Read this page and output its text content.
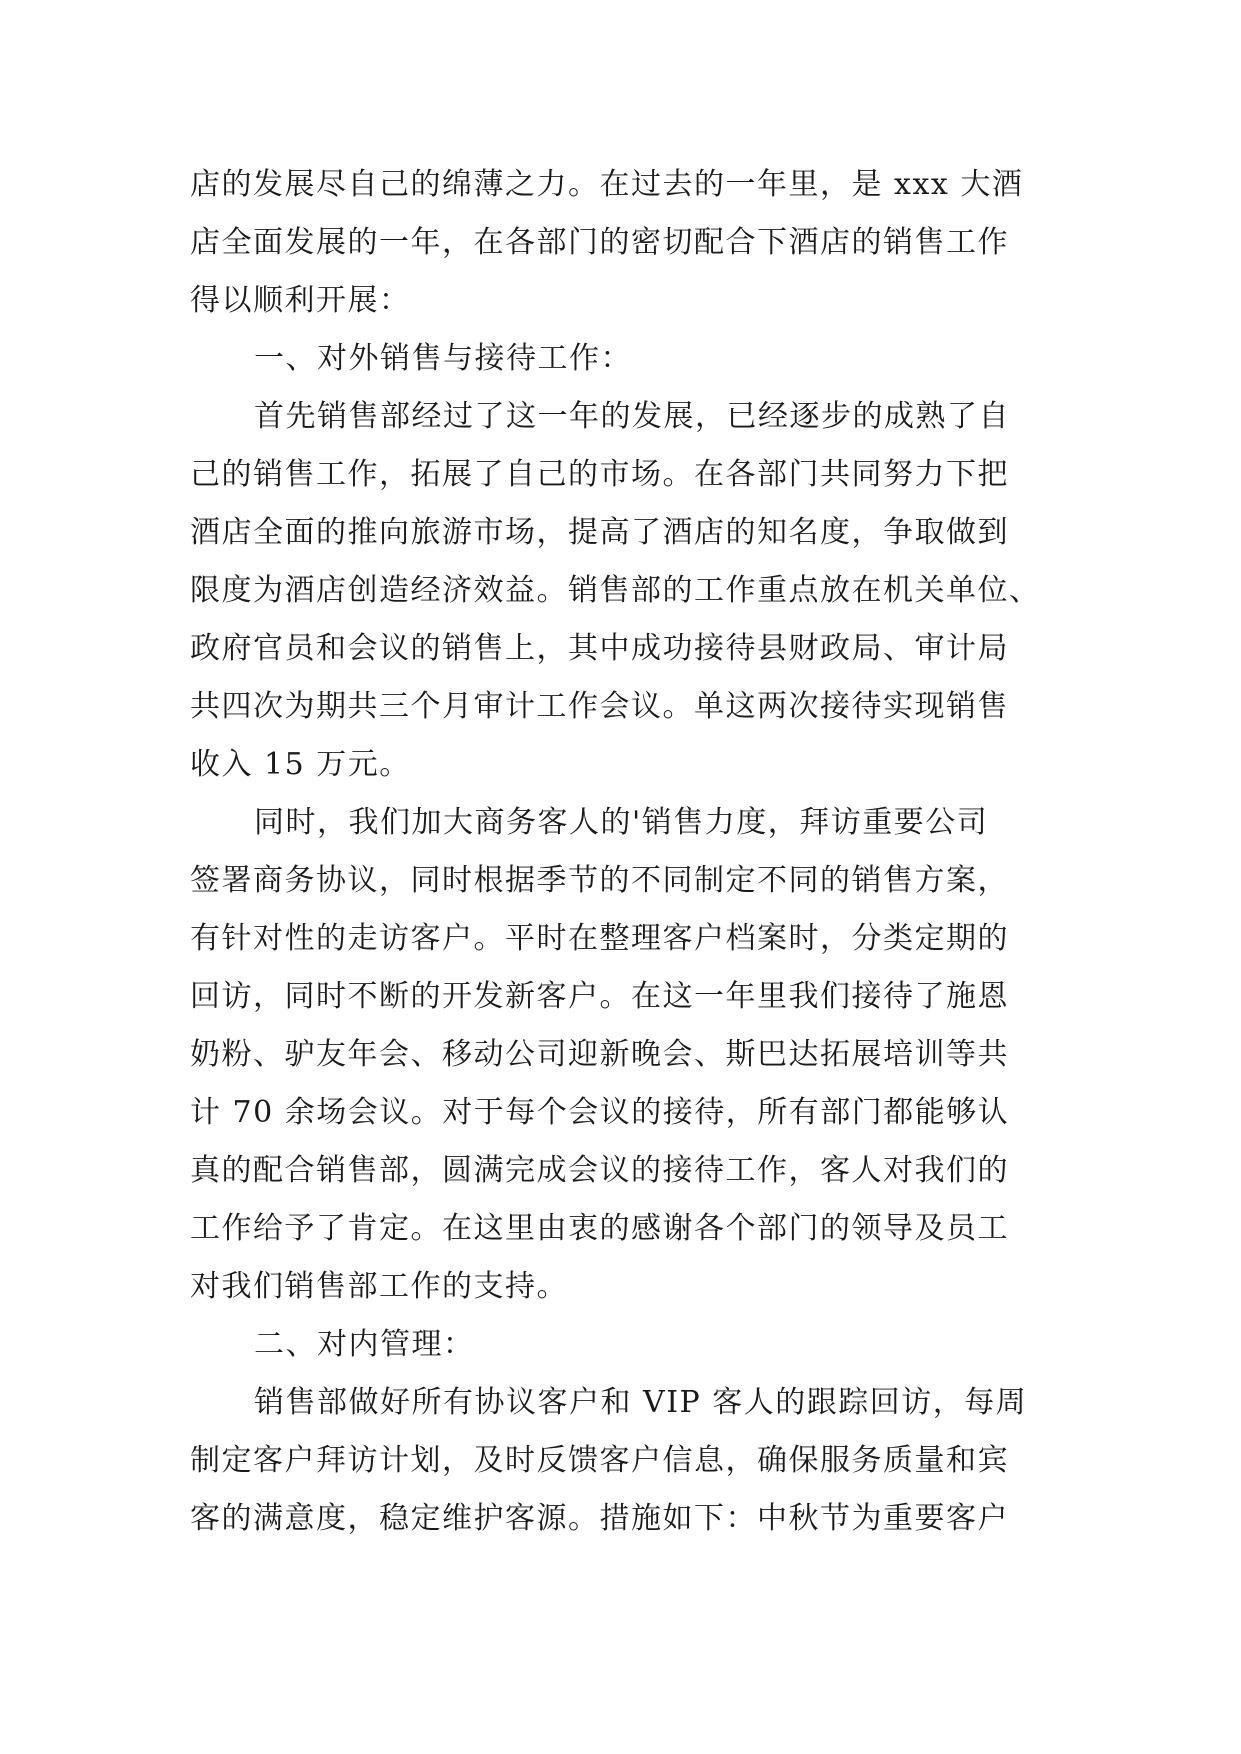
店的发展尽自己的绵薄之力。在过去的一年里，是 xxx 大酒
店全面发展的一年，在各部门的密切配合下酒店的销售工作
得以顺利开展：
一、对外销售与接待工作：
首先销售部经过了这一年的发展，已经逐步的成熟了自
己的销售工作，拓展了自己的市场。在各部门共同努力下把
酒店全面的推向旅游市场，提高了酒店的知名度，争取做到
限度为酒店创造经济效益。销售部的工作重点放在机关单位、
政府官员和会议的销售上，其中成功接待县财政局、审计局
共四次为期共三个月审计工作会议。单这两次接待实现销售
收入 15 万元。
同时，我们加大商务客人的'销售力度，拜访重要公司
签署商务协议，同时根据季节的不同制定不同的销售方案，
有针对性的走访客户。平时在整理客户档案时，分类定期的
回访，同时不断的开发新客户。在这一年里我们接待了施恩
奶粉、驴友年会、移动公司迎新晚会、斯巴达拓展培训等共
计 70 余场会议。对于每个会议的接待，所有部门都能够认
真的配合销售部，圆满完成会议的接待工作，客人对我们的
工作给予了肯定。在这里由衷的感谢各个部门的领导及员工
对我们销售部工作的支持。
二、对内管理：
销售部做好所有协议客户和 VIP 客人的跟踪回访，每周
制定客户拜访计划，及时反馈客户信息，确保服务质量和宾
客的满意度，稳定维护客源。措施如下：中秋节为重要客户
